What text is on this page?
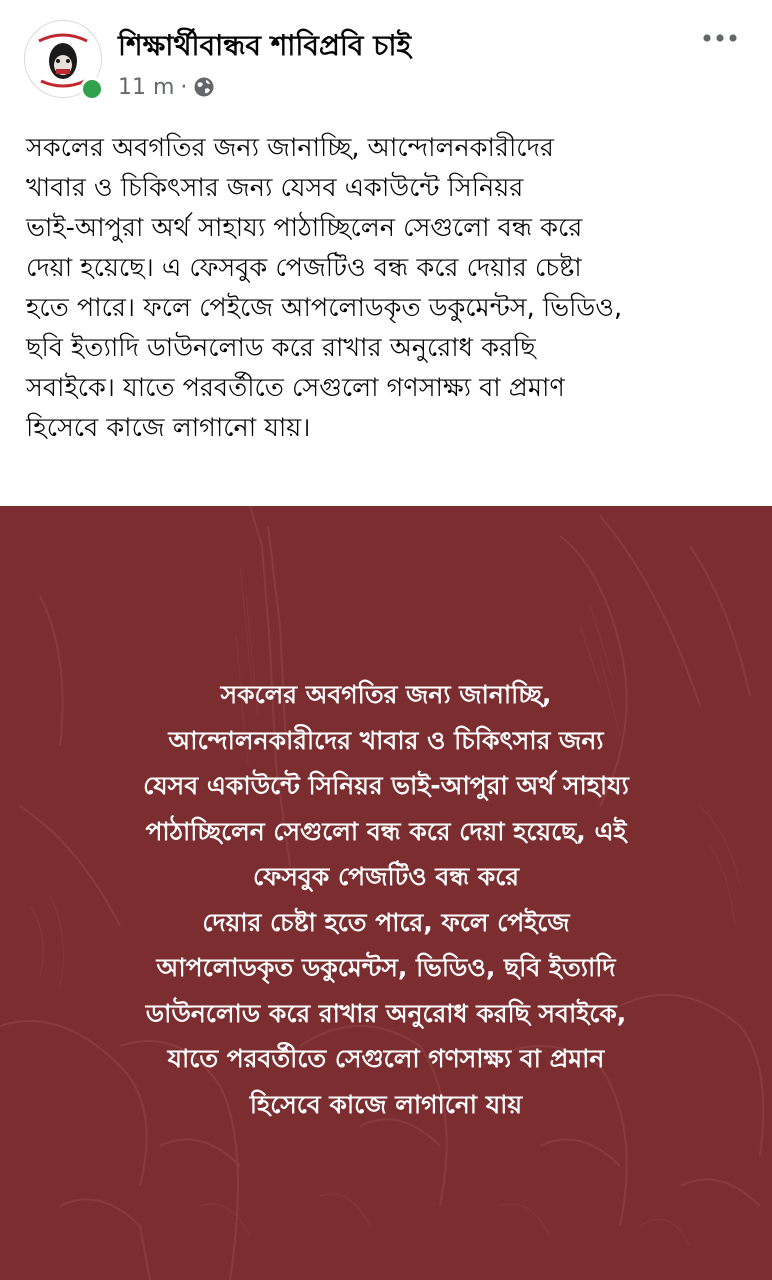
শিক্ষার্থীবান্ধব শাবিপ্রবি চাই
11 m ·
সকলের অবগতির জন্য জানাচ্ছি, আন্দোলনকারীদের
খাবার ও চিকিৎসার জন্য যেসব একাউন্টে সিনিয়র
ভাই-আপুরা অর্থ সাহায্য পাঠাচ্ছিলেন সেগুলো বন্ধ করে
দেয়া হয়েছে। এ ফেসবুক পেজটিও বন্ধ করে দেয়ার চেষ্টা
হতে পারে। ফলে পেইজে আপলোডকৃত ডকুমেন্টস, ভিডিও,
ছবি ইত্যাদি ডাউনলোড করে রাখার অনুরোধ করছি
সবাইকে। যাতে পরবর্তীতে সেগুলো গণসাক্ষ্য বা প্রমাণ
হিসেবে কাজে লাগানো যায়।
সকলের অবগতির জন্য জানাচ্ছি,
আন্দোলনকারীদের খাবার ও চিকিৎসার জন্য
যেসব একাউন্টে সিনিয়র ভাই-আপুরা অর্থ সাহায্য
পাঠাচ্ছিলেন সেগুলো বন্ধ করে দেয়া হয়েছে, এই
ফেসবুক পেজটিও বন্ধ করে
দেয়ার চেষ্টা হতে পারে, ফলে পেইজে
আপলোডকৃত ডকুমেন্টস, ভিডিও, ছবি ইত্যাদি
ডাউনলোড করে রাখার অনুরোধ করছি সবাইকে,
যাতে পরবর্তীতে সেগুলো গণসাক্ষ্য বা প্রমান
হিসেবে কাজে লাগানো যায়
